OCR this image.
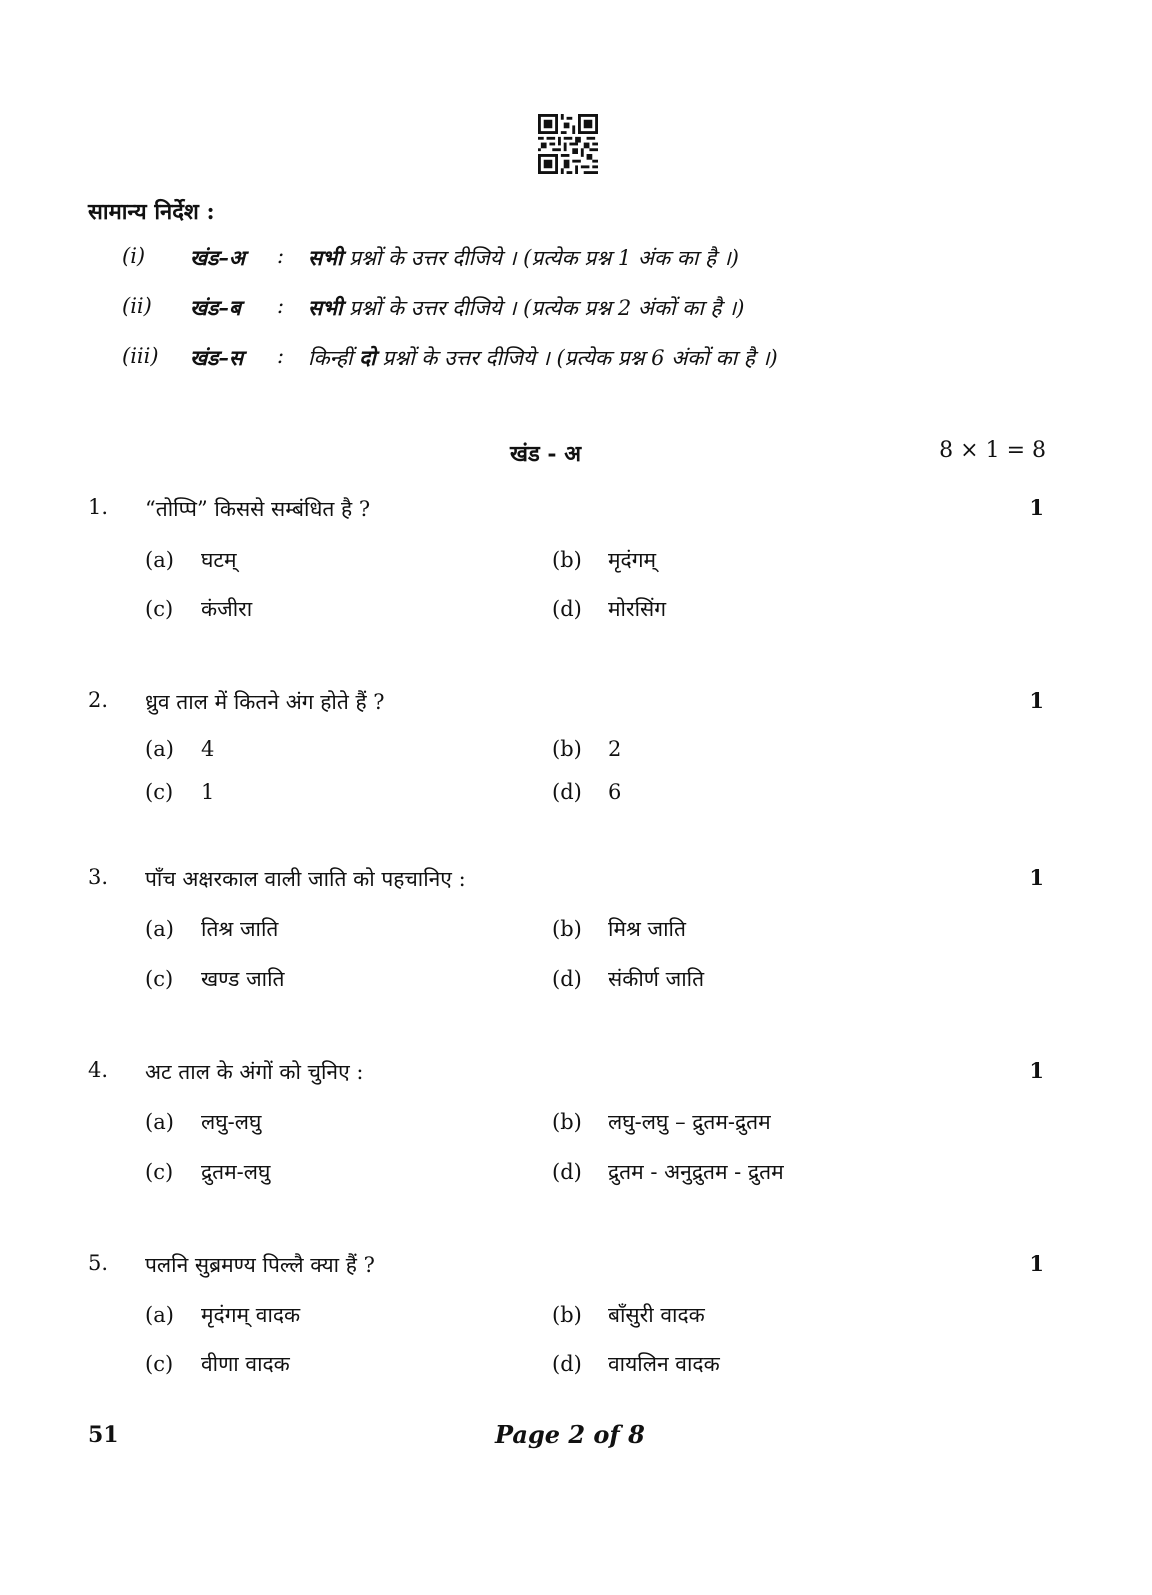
सामान्य निर्देश :
(i)	खंड–अ : सभी प्रश्नों के उत्तर दीजिये । (प्रत्येक प्रश्न 1 अंक का है ।)
(ii)	खंड–ब : सभी प्रश्नों के उत्तर दीजिये । (प्रत्येक प्रश्न 2 अंकों का है ।)
(iii)	खंड–स : किन्हीं दो प्रश्नों के उत्तर दीजिये । (प्रत्येक प्रश्न 6 अंकों का है ।)
खंड - अ	8 × 1 = 8
1. “तोप्पि” किससे सम्बंधित है ?	1
(a) घटम्	(b) मृदंगम्
(c) कंजीरा	(d) मोरसिंग
2. ध्रुव ताल में कितने अंग होते हैं ?	1
(a) 4	(b) 2
(c) 1	(d) 6
3. पाँच अक्षरकाल वाली जाति को पहचानिए :	1
(a) तिश्र जाति	(b) मिश्र जाति
(c) खण्ड जाति	(d) संकीर्ण जाति
4. अट ताल के अंगों को चुनिए :	1
(a) लघु-लघु	(b) लघु-लघु – द्रुतम-द्रुतम
(c) द्रुतम-लघु	(d) द्रुतम - अनुद्रुतम - द्रुतम
5. पलनि सुब्रमण्य पिल्लै क्या हैं ?	1
(a) मृदंगम् वादक	(b) बाँसुरी वादक
(c) वीणा वादक	(d) वायलिन वादक
51	Page 2 of 8
